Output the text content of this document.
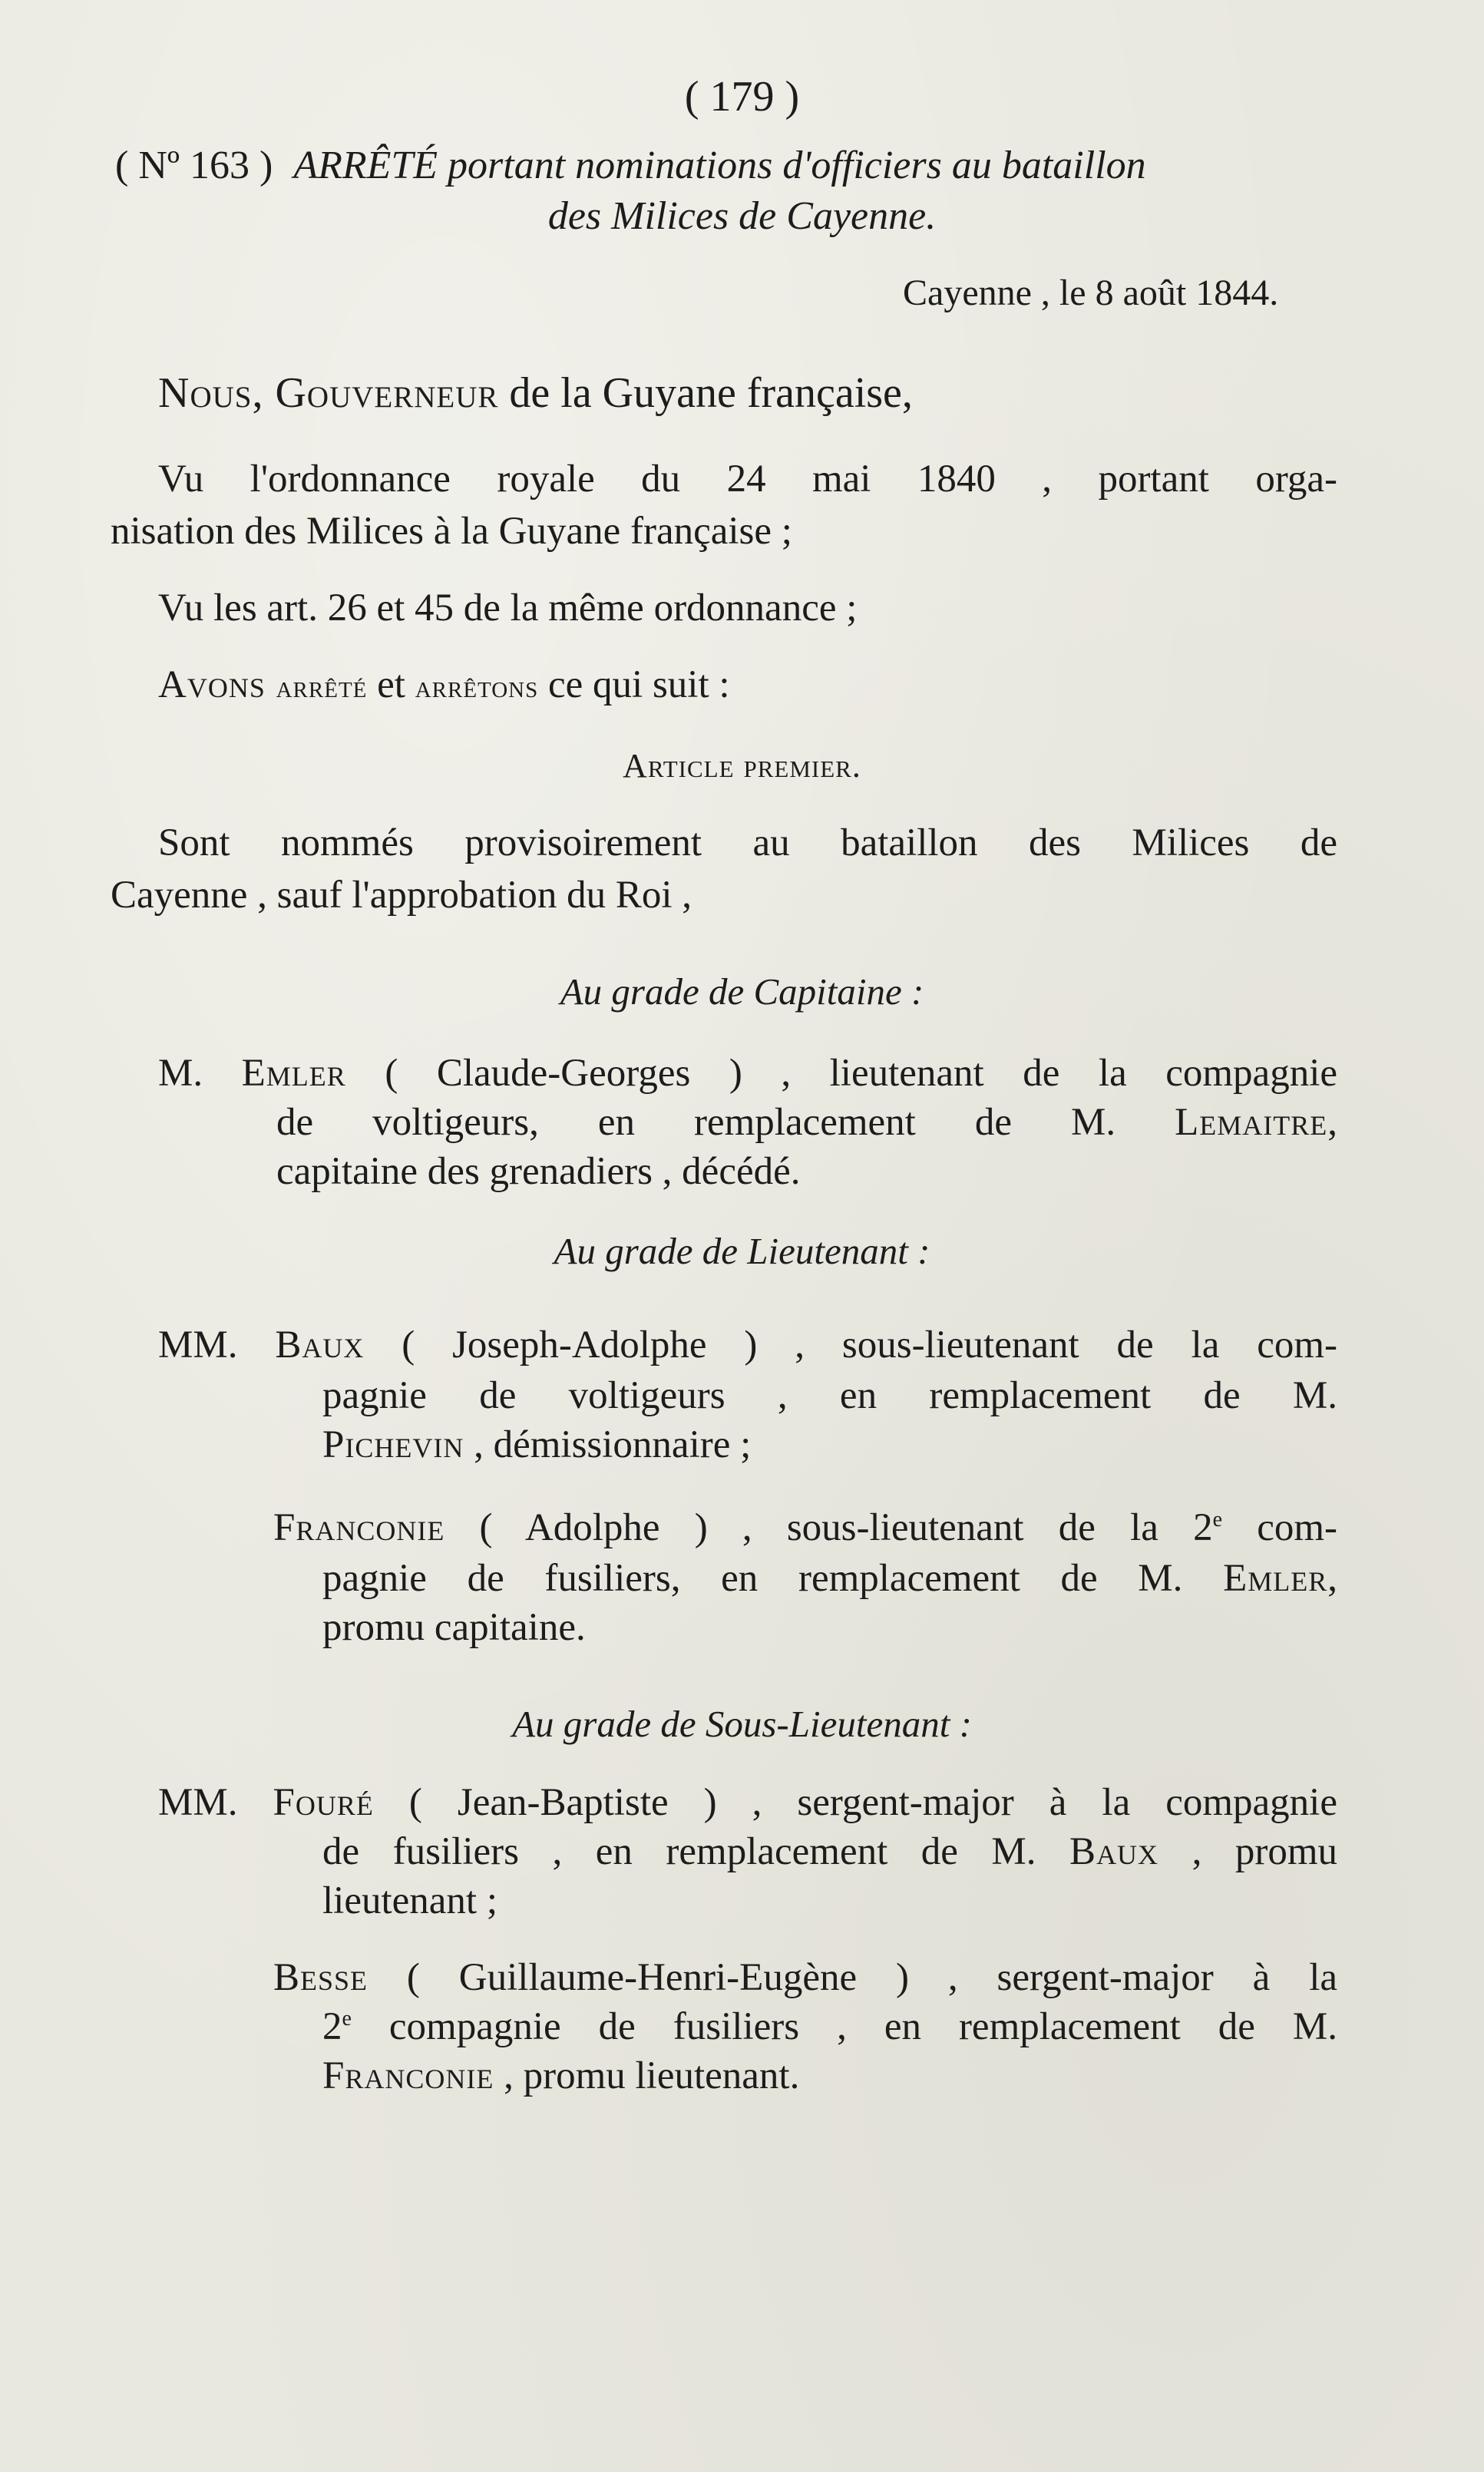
( 179 )
( Nº 163 ) ARRÊTÉ portant nominations d'officiers au bataillon
des Milices de Cayenne.
Cayenne , le 8 août 1844.
Nous, Gouverneur de la Guyane française,
Vu l'ordonnance royale du 24 mai 1840 , portant orga-
nisation des Milices à la Guyane française ;
Vu les art. 26 et 45 de la même ordonnance ;
Avons arrêté et arrêtons ce qui suit :
Article premier.
Sont nommés provisoirement au bataillon des Milices de
Cayenne , sauf l'approbation du Roi ,
Au grade de Capitaine :
M. Emler ( Claude-Georges ) , lieutenant de la compagnie
de voltigeurs, en remplacement de M. Lemaitre,
capitaine des grenadiers , décédé.
Au grade de Lieutenant :
MM. Baux ( Joseph-Adolphe ) , sous-lieutenant de la com-
pagnie de voltigeurs , en remplacement de M.
Pichevin , démissionnaire ;
Franconie ( Adolphe ) , sous-lieutenant de la 2e com-
pagnie de fusiliers, en remplacement de M. Emler,
promu capitaine.
Au grade de Sous-Lieutenant :
MM. Fouré ( Jean-Baptiste ) , sergent-major à la compagnie
de fusiliers , en remplacement de M. Baux , promu
lieutenant ;
Besse ( Guillaume-Henri-Eugène ) , sergent-major à la
2e compagnie de fusiliers , en remplacement de M.
Franconie , promu lieutenant.
